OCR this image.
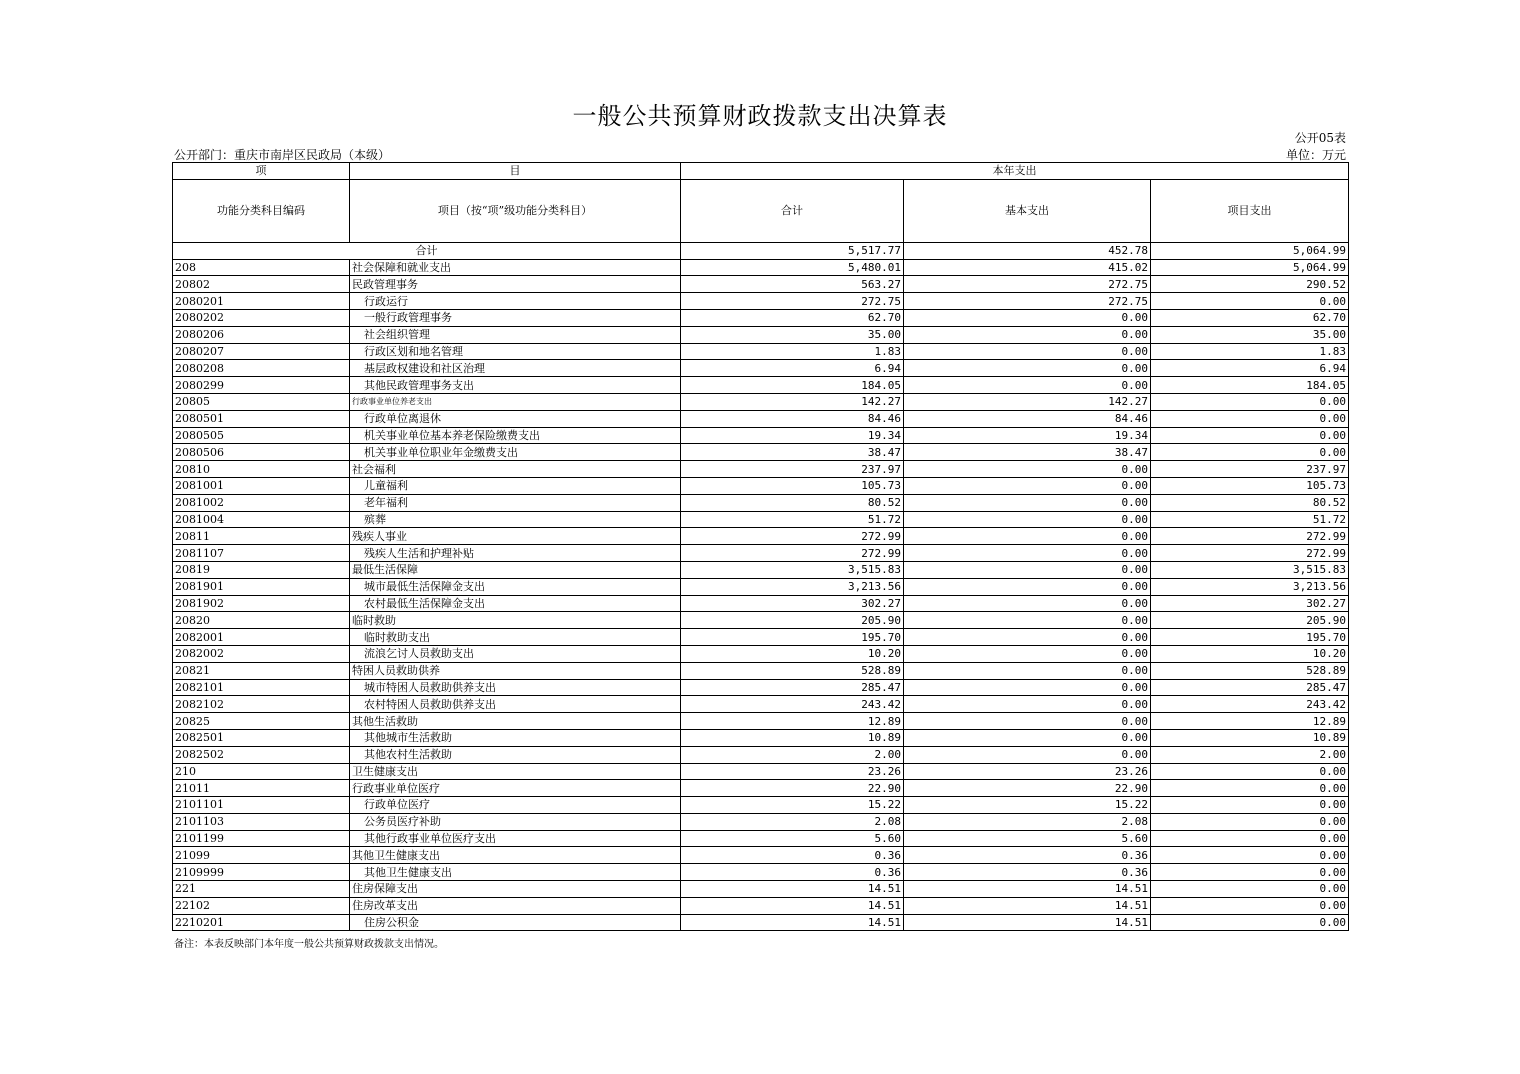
一般公共预算财政拨款支出决算表
公开05表
公开部门：重庆市南岸区民政局（本级）	单位：万元
项	目	本年支出		
功能分类科目编码	项目（按“项”级功能分类科目）	合计	基本支出	项目支出
合计		5,517.77	452.78	5,064.99
208	社会保障和就业支出	5,480.01	415.02	5,064.99
20802	民政管理事务	563.27	272.75	290.52
2080201	行政运行	272.75	272.75	0.00
2080202	一般行政管理事务	62.70	0.00	62.70
2080206	社会组织管理	35.00	0.00	35.00
2080207	行政区划和地名管理	1.83	0.00	1.83
2080208	基层政权建设和社区治理	6.94	0.00	6.94
2080299	其他民政管理事务支出	184.05	0.00	184.05
20805	行政事业单位养老支出	142.27	142.27	0.00
2080501	行政单位离退休	84.46	84.46	0.00
2080505	机关事业单位基本养老保险缴费支出	19.34	19.34	0.00
2080506	机关事业单位职业年金缴费支出	38.47	38.47	0.00
20810	社会福利	237.97	0.00	237.97
2081001	儿童福利	105.73	0.00	105.73
2081002	老年福利	80.52	0.00	80.52
2081004	殡葬	51.72	0.00	51.72
20811	残疾人事业	272.99	0.00	272.99
2081107	残疾人生活和护理补贴	272.99	0.00	272.99
20819	最低生活保障	3,515.83	0.00	3,515.83
2081901	城市最低生活保障金支出	3,213.56	0.00	3,213.56
2081902	农村最低生活保障金支出	302.27	0.00	302.27
20820	临时救助	205.90	0.00	205.90
2082001	临时救助支出	195.70	0.00	195.70
2082002	流浪乞讨人员救助支出	10.20	0.00	10.20
20821	特困人员救助供养	528.89	0.00	528.89
2082101	城市特困人员救助供养支出	285.47	0.00	285.47
2082102	农村特困人员救助供养支出	243.42	0.00	243.42
20825	其他生活救助	12.89	0.00	12.89
2082501	其他城市生活救助	10.89	0.00	10.89
2082502	其他农村生活救助	2.00	0.00	2.00
210	卫生健康支出	23.26	23.26	0.00
21011	行政事业单位医疗	22.90	22.90	0.00
2101101	行政单位医疗	15.22	15.22	0.00
2101103	公务员医疗补助	2.08	2.08	0.00
2101199	其他行政事业单位医疗支出	5.60	5.60	0.00
21099	其他卫生健康支出	0.36	0.36	0.00
2109999	其他卫生健康支出	0.36	0.36	0.00
221	住房保障支出	14.51	14.51	0.00
22102	住房改革支出	14.51	14.51	0.00
2210201	住房公积金	14.51	14.51	0.00
备注：本表反映部门本年度一般公共预算财政拨款支出情况。
